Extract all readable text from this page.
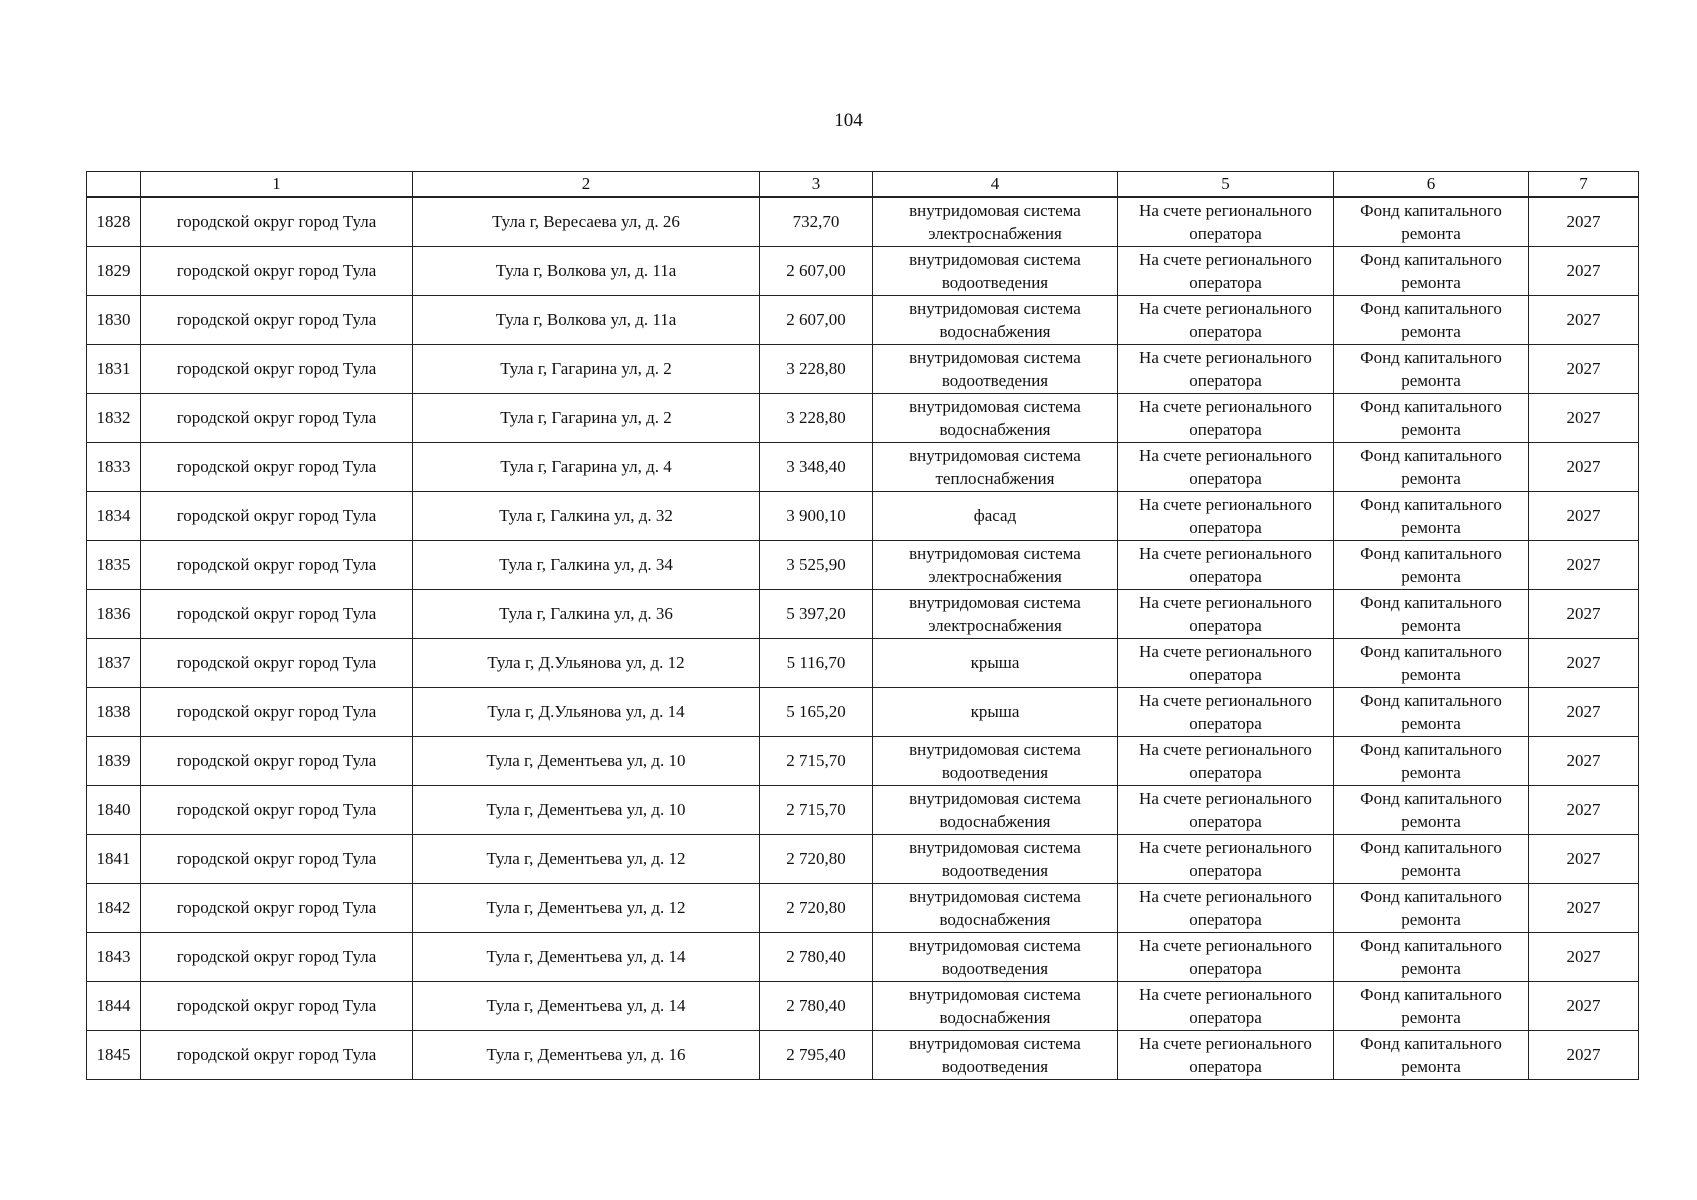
104
	1	2	3	4	5	6	7
1828	городской округ город Тула	Тула г, Вересаева ул, д. 26	732,70	внутридомовая система электроснабжения	На счете регионального оператора	Фонд капитального ремонта	2027
1829	городской округ город Тула	Тула г, Волкова ул, д. 11а	2 607,00	внутридомовая система водоотведения	На счете регионального оператора	Фонд капитального ремонта	2027
1830	городской округ город Тула	Тула г, Волкова ул, д. 11а	2 607,00	внутридомовая система водоснабжения	На счете регионального оператора	Фонд капитального ремонта	2027
1831	городской округ город Тула	Тула г, Гагарина ул, д. 2	3 228,80	внутридомовая система водоотведения	На счете регионального оператора	Фонд капитального ремонта	2027
1832	городской округ город Тула	Тула г, Гагарина ул, д. 2	3 228,80	внутридомовая система водоснабжения	На счете регионального оператора	Фонд капитального ремонта	2027
1833	городской округ город Тула	Тула г, Гагарина ул, д. 4	3 348,40	внутридомовая система теплоснабжения	На счете регионального оператора	Фонд капитального ремонта	2027
1834	городской округ город Тула	Тула г, Галкина ул, д. 32	3 900,10	фасад	На счете регионального оператора	Фонд капитального ремонта	2027
1835	городской округ город Тула	Тула г, Галкина ул, д. 34	3 525,90	внутридомовая система электроснабжения	На счете регионального оператора	Фонд капитального ремонта	2027
1836	городской округ город Тула	Тула г, Галкина ул, д. 36	5 397,20	внутридомовая система электроснабжения	На счете регионального оператора	Фонд капитального ремонта	2027
1837	городской округ город Тула	Тула г, Д.Ульянова ул, д. 12	5 116,70	крыша	На счете регионального оператора	Фонд капитального ремонта	2027
1838	городской округ город Тула	Тула г, Д.Ульянова ул, д. 14	5 165,20	крыша	На счете регионального оператора	Фонд капитального ремонта	2027
1839	городской округ город Тула	Тула г, Дементьева ул, д. 10	2 715,70	внутридомовая система водоотведения	На счете регионального оператора	Фонд капитального ремонта	2027
1840	городской округ город Тула	Тула г, Дементьева ул, д. 10	2 715,70	внутридомовая система водоснабжения	На счете регионального оператора	Фонд капитального ремонта	2027
1841	городской округ город Тула	Тула г, Дементьева ул, д. 12	2 720,80	внутридомовая система водоотведения	На счете регионального оператора	Фонд капитального ремонта	2027
1842	городской округ город Тула	Тула г, Дементьева ул, д. 12	2 720,80	внутридомовая система водоснабжения	На счете регионального оператора	Фонд капитального ремонта	2027
1843	городской округ город Тула	Тула г, Дементьева ул, д. 14	2 780,40	внутридомовая система водоотведения	На счете регионального оператора	Фонд капитального ремонта	2027
1844	городской округ город Тула	Тула г, Дементьева ул, д. 14	2 780,40	внутридомовая система водоснабжения	На счете регионального оператора	Фонд капитального ремонта	2027
1845	городской округ город Тула	Тула г, Дементьева ул, д. 16	2 795,40	внутридомовая система водоотведения	На счете регионального оператора	Фонд капитального ремонта	2027
